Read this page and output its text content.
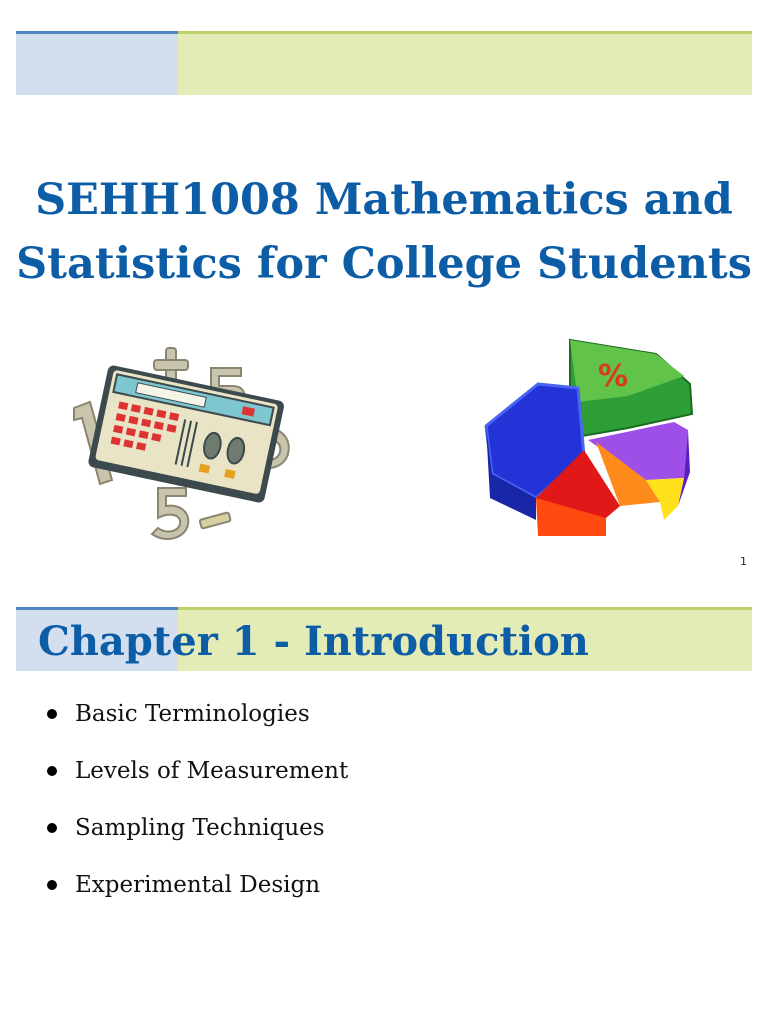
SEHH1008 Mathematics and
Statistics for College Students
%
1
Chapter 1 - Introduction
Basic Terminologies
Levels of Measurement
Sampling Techniques
Experimental Design
